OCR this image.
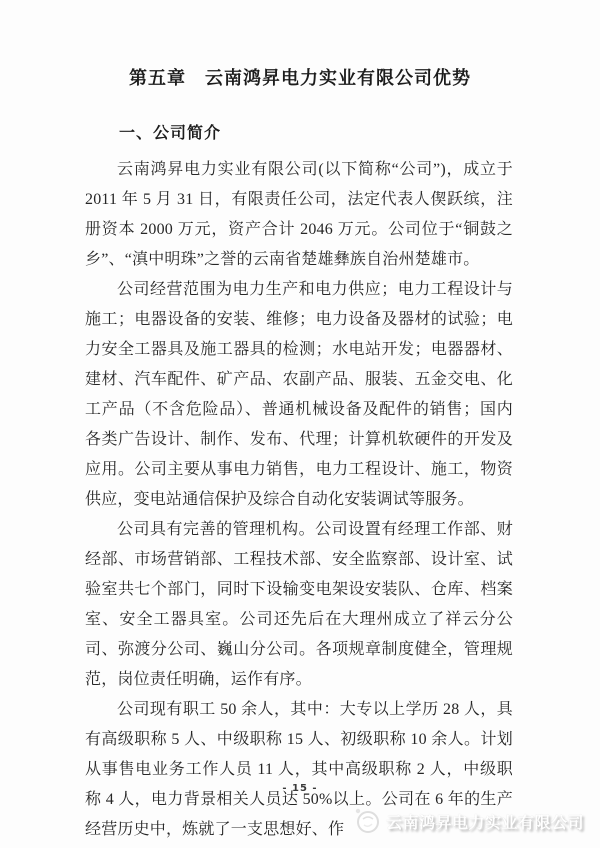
第五章　云南鸿昇电力实业有限公司优势
一、公司简介

云南鸿昇电力实业有限公司(以下简称“公司”)，成立于 2011 年 5 月 31 日，有限责任公司，法定代表人偰跃缤，注册资本 2000 万元，资产合计 2046 万元。公司位于“铜鼓之乡”、“滇中明珠”之誉的云南省楚雄彝族自治州楚雄市。

公司经营范围为电力生产和电力供应；电力工程设计与施工；电器设备的安装、维修；电力设备及器材的试验；电力安全工器具及施工器具的检测；水电站开发；电器器材、建材、汽车配件、矿产品、农副产品、服装、五金交电、化工产品（不含危险品）、普通机械设备及配件的销售；国内各类广告设计、制作、发布、代理；计算机软硬件的开发及应用。公司主要从事电力销售，电力工程设计、施工，物资供应，变电站通信保护及综合自动化安装调试等服务。

公司具有完善的管理机构。公司设置有经理工作部、财经部、市场营销部、工程技术部、安全监察部、设计室、试验室共七个部门，同时下设输变电架设安装队、仓库、档案室、安全工器具室。公司还先后在大理州成立了祥云分公司、弥渡分公司、巍山分公司。各项规章制度健全，管理规范，岗位责任明确，运作有序。

公司现有职工 50 余人，其中：大专以上学历 28 人，具有高级职称 5 人、中级职称 15 人、初级职称 10 余人。计划从事售电业务工作人员 11 人，其中高级职称 2 人，中级职称 4 人，电力背景相关人员达 50%以上。公司在 6 年的生产经营历史中，炼就了一支思想好、作

- 15 -
云南鸿昇电力实业有限公司
